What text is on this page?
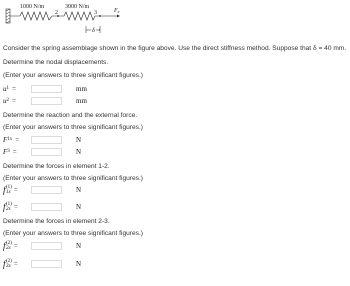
1000 N/m	3000 N/m
2	3	Fx
δ
Consider the spring assemblage shown in the figure above. Use the direct stiffness method. Suppose that δ = 40 mm.
Determine the nodal displacements.
(Enter your answers to three significant figures.)
u 1 =	mm
u 2 =	mm
Determine the reaction and the external force.
(Enter your answers to three significant figures.)
F 1x =	N
F 3 =	N
Determine the forces in element 1-2.
(Enter your answers to three significant figures.)
f (1)
1x =	N
f (1)
2x =	N
Determine the forces in element 2-3.
(Enter your answers to three significant figures.)
f (2)
2x =	N
f (2)
3x =	N
